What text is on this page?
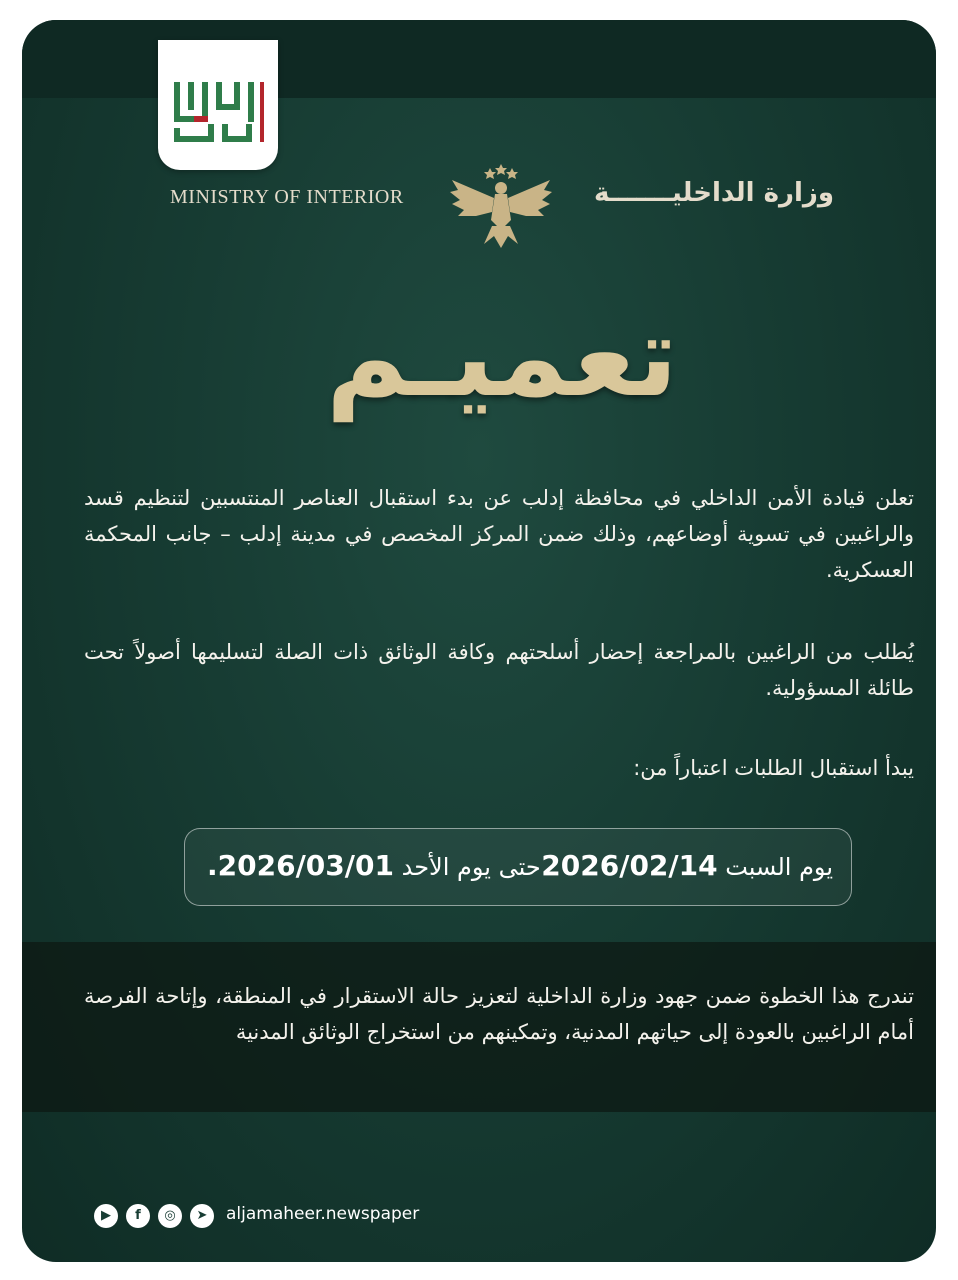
MINISTRY OF INTERIOR	وزارة الداخليـــــــة
تعميـم
تعلن قيادة الأمن الداخلي في محافظة إدلب عن بدء استقبال العناصر المنتسبين لتنظيم قسد والراغبين في تسوية أوضاعهم، وذلك ضمن المركز المخصص في مدينة إدلب – جانب المحكمة العسكرية.
يُطلب من الراغبين بالمراجعة إحضار أسلحتهم وكافة الوثائق ذات الصلة لتسليمها أصولاً تحت طائلة المسؤولية.
يبدأ استقبال الطلبات اعتباراً من:
يوم السبت 2026/02/14
حتى يوم الأحد 2026/03/01.
تندرج هذا الخطوة ضمن جهود وزارة الداخلية لتعزيز حالة الاستقرار في المنطقة، وإتاحة الفرصة أمام الراغبين بالعودة إلى حياتهم المدنية، وتمكينهم من استخراج الوثائق المدنية
▶	f	◎	➤	aljamaheer.newspaper
